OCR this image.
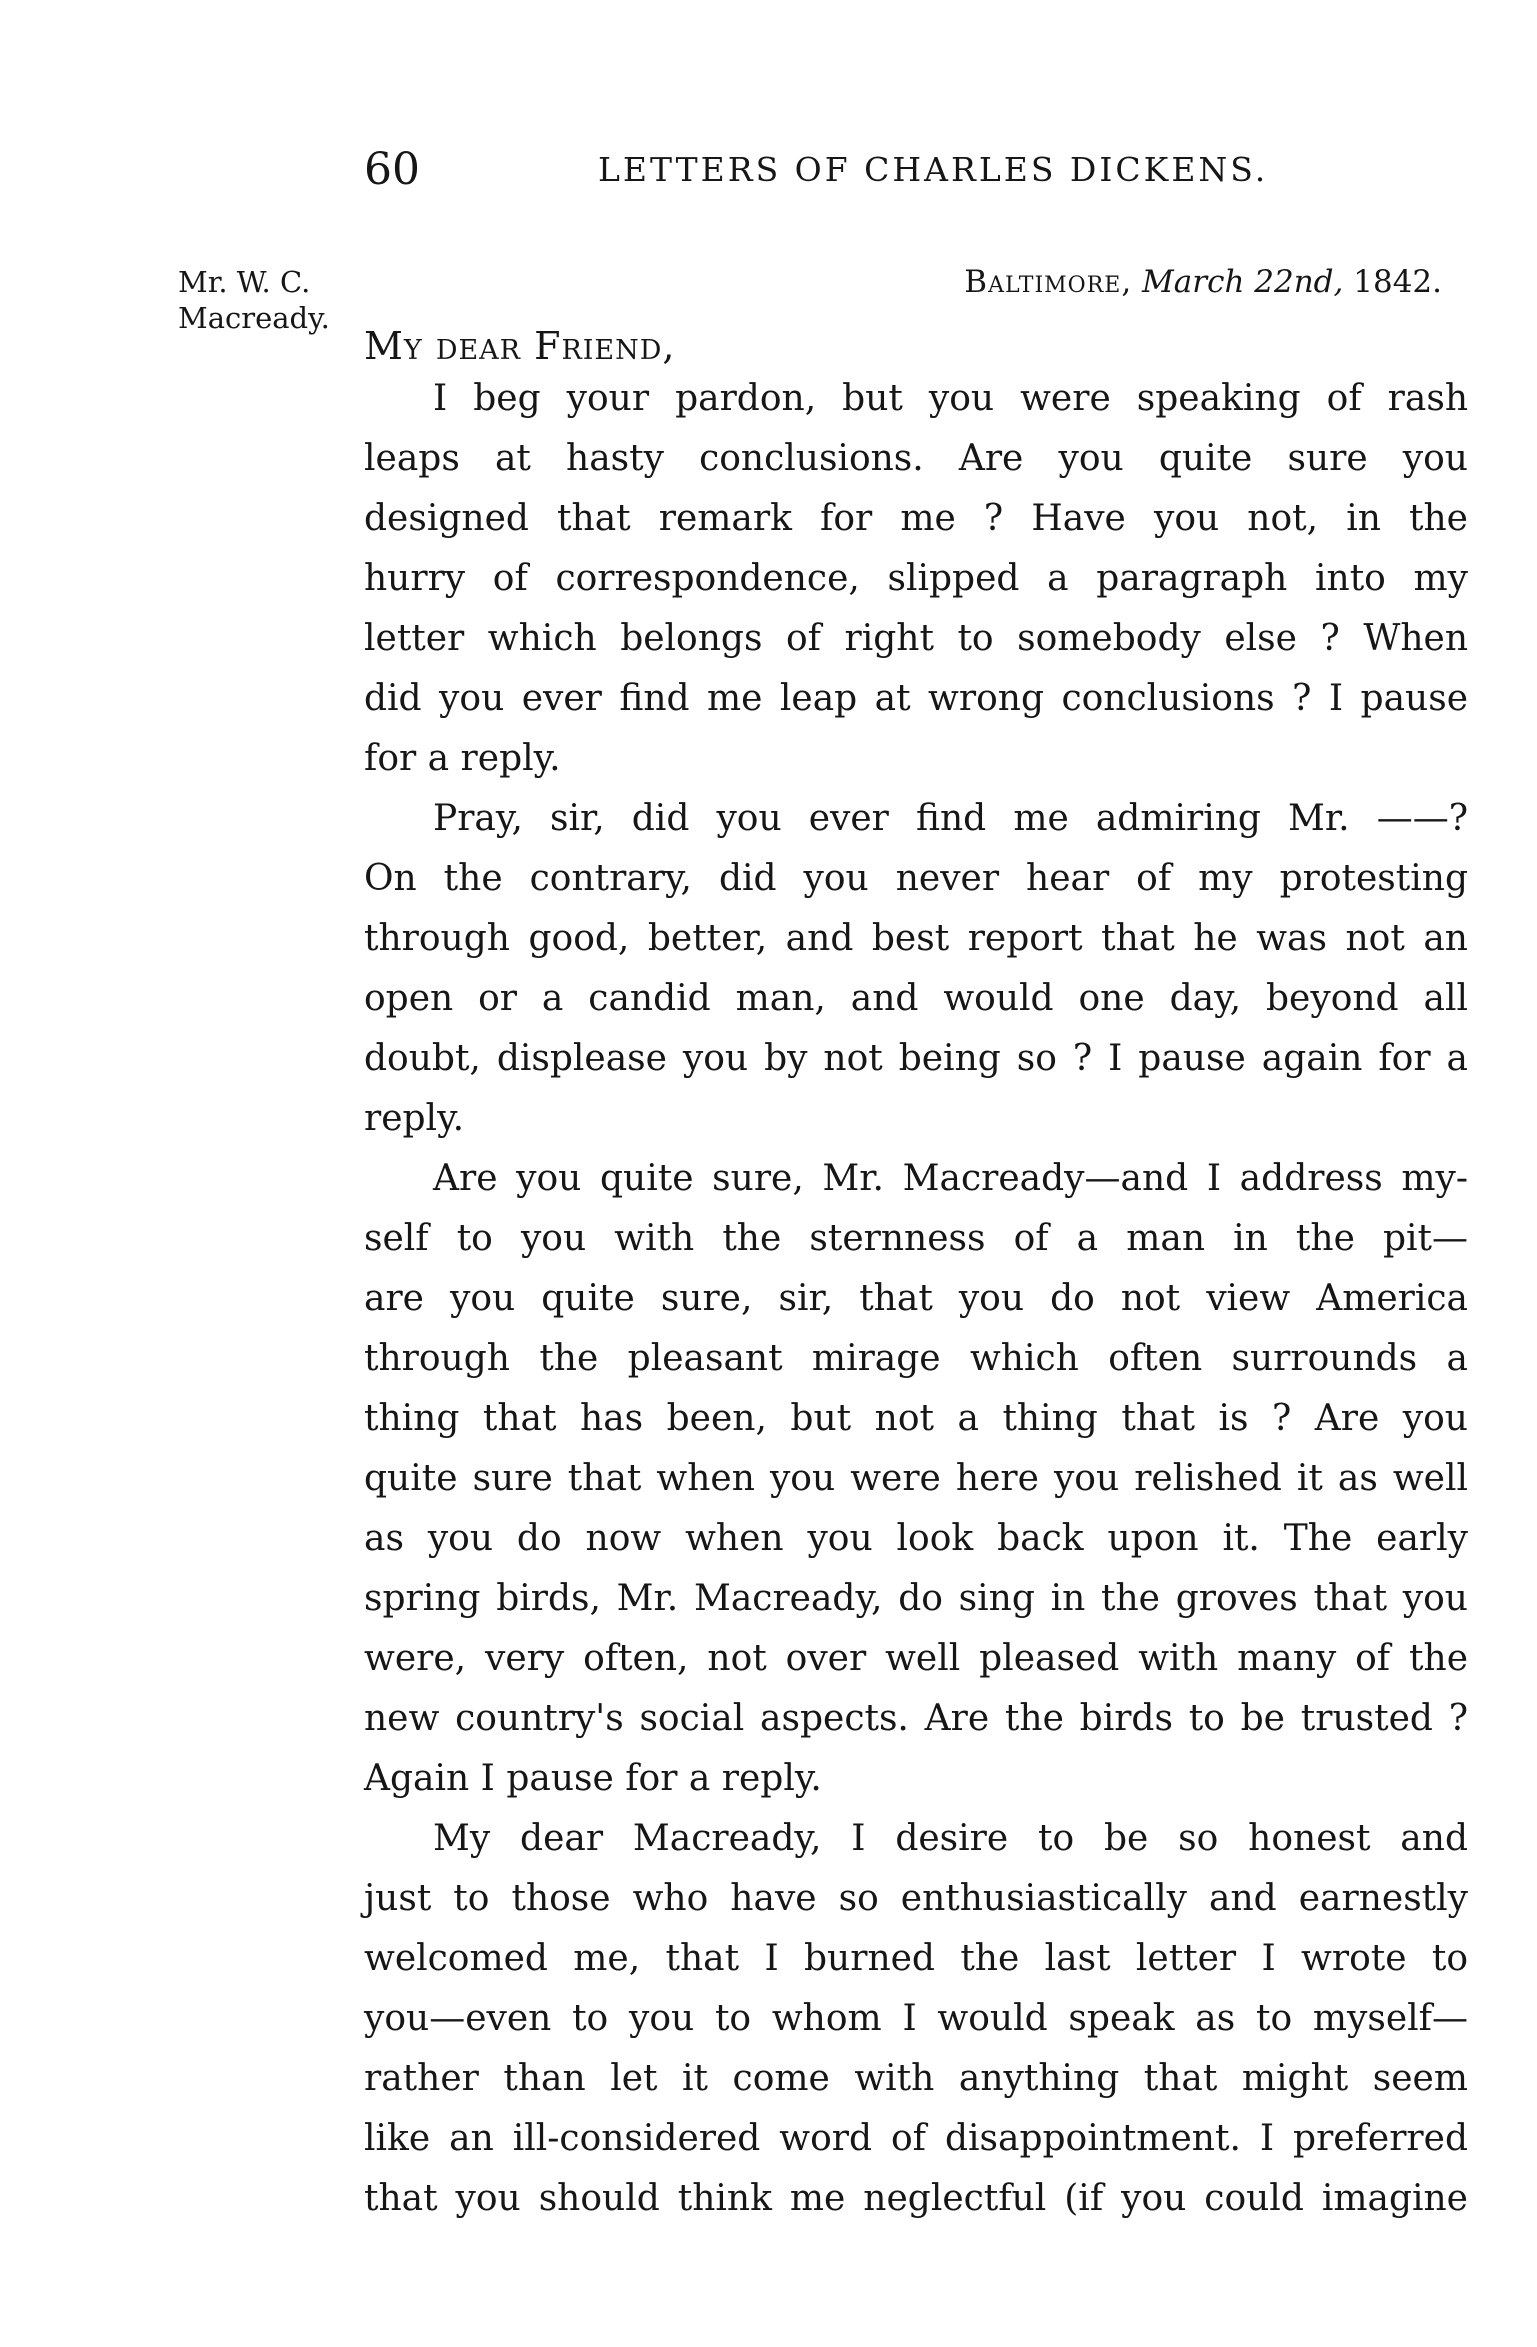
60	LETTERS OF CHARLES DICKENS.
Mr. W. C.
Macready.
Baltimore, March 22nd, 1842.
My dear Friend,
I beg your pardon, but you were speaking of rash
leaps at hasty conclusions. Are you quite sure you
designed that remark for me ? Have you not, in the
hurry of correspondence, slipped a paragraph into my
letter which belongs of right to somebody else ? When
did you ever find me leap at wrong conclusions ? I pause
for a reply.
Pray, sir, did you ever find me admiring Mr. ——?
On the contrary, did you never hear of my protesting
through good, better, and best report that he was not an
open or a candid man, and would one day, beyond all
doubt, displease you by not being so ? I pause again for a
reply.
Are you quite sure, Mr. Macready—and I address my-
self to you with the sternness of a man in the pit—
are you quite sure, sir, that you do not view America
through the pleasant mirage which often surrounds a
thing that has been, but not a thing that is ? Are you
quite sure that when you were here you relished it as well
as you do now when you look back upon it. The early
spring birds, Mr. Macready, do sing in the groves that you
were, very often, not over well pleased with many of the
new country's social aspects. Are the birds to be trusted ?
Again I pause for a reply.
My dear Macready, I desire to be so honest and
just to those who have so enthusiastically and earnestly
welcomed me, that I burned the last letter I wrote to
you—even to you to whom I would speak as to myself—
rather than let it come with anything that might seem
like an ill-considered word of disappointment. I preferred
that you should think me neglectful (if you could imagine
